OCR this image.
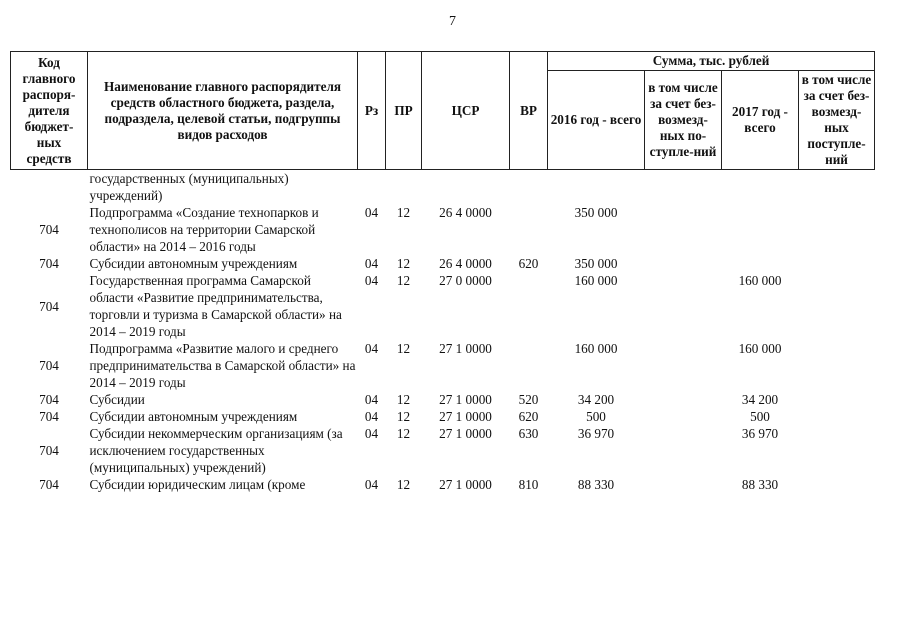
7
Код главного распоря-дителя бюджет-ных средств	Наименование главного распорядителя средств областного бюджета, раздела, подраздела, целевой статьи, подгруппы видов расходов	Рз	ПР	ЦСР	ВР	Сумма, тыс. рублей			
						2016 год - всего	в том числе за счет без-возмезд-ных по-ступле-ний	2017 год - всего	в том числе за счет без-возмезд-ных поступле-ний
	государственных (муниципальных) учреждений)								
704	Подпрограмма «Создание технопарков и технополисов на территории Самарской области» на 2014 – 2016 годы	04	12	26 4 0000		350 000			
704	Субсидии автономным учреждениям	04	12	26 4 0000	620	350 000			
704	Государственная программа Самарской области «Развитие предпринимательства, торговли и туризма в Самарской области» на 2014 – 2019 годы	04	12	27 0 0000		160 000		160 000	
704	Подпрограмма «Развитие малого и среднего предпринимательства в Самарской области» на 2014 – 2019 годы	04	12	27 1 0000		160 000		160 000	
704	Субсидии	04	12	27 1 0000	520	34 200		34 200	
704	Субсидии автономным учреждениям	04	12	27 1 0000	620	500		500	
704	Субсидии некоммерческим организациям (за исключением государственных (муниципальных) учреждений)	04	12	27 1 0000	630	36 970		36 970	
704	Субсидии юридическим лицам (кроме	04	12	27 1 0000	810	88 330		88 330	
